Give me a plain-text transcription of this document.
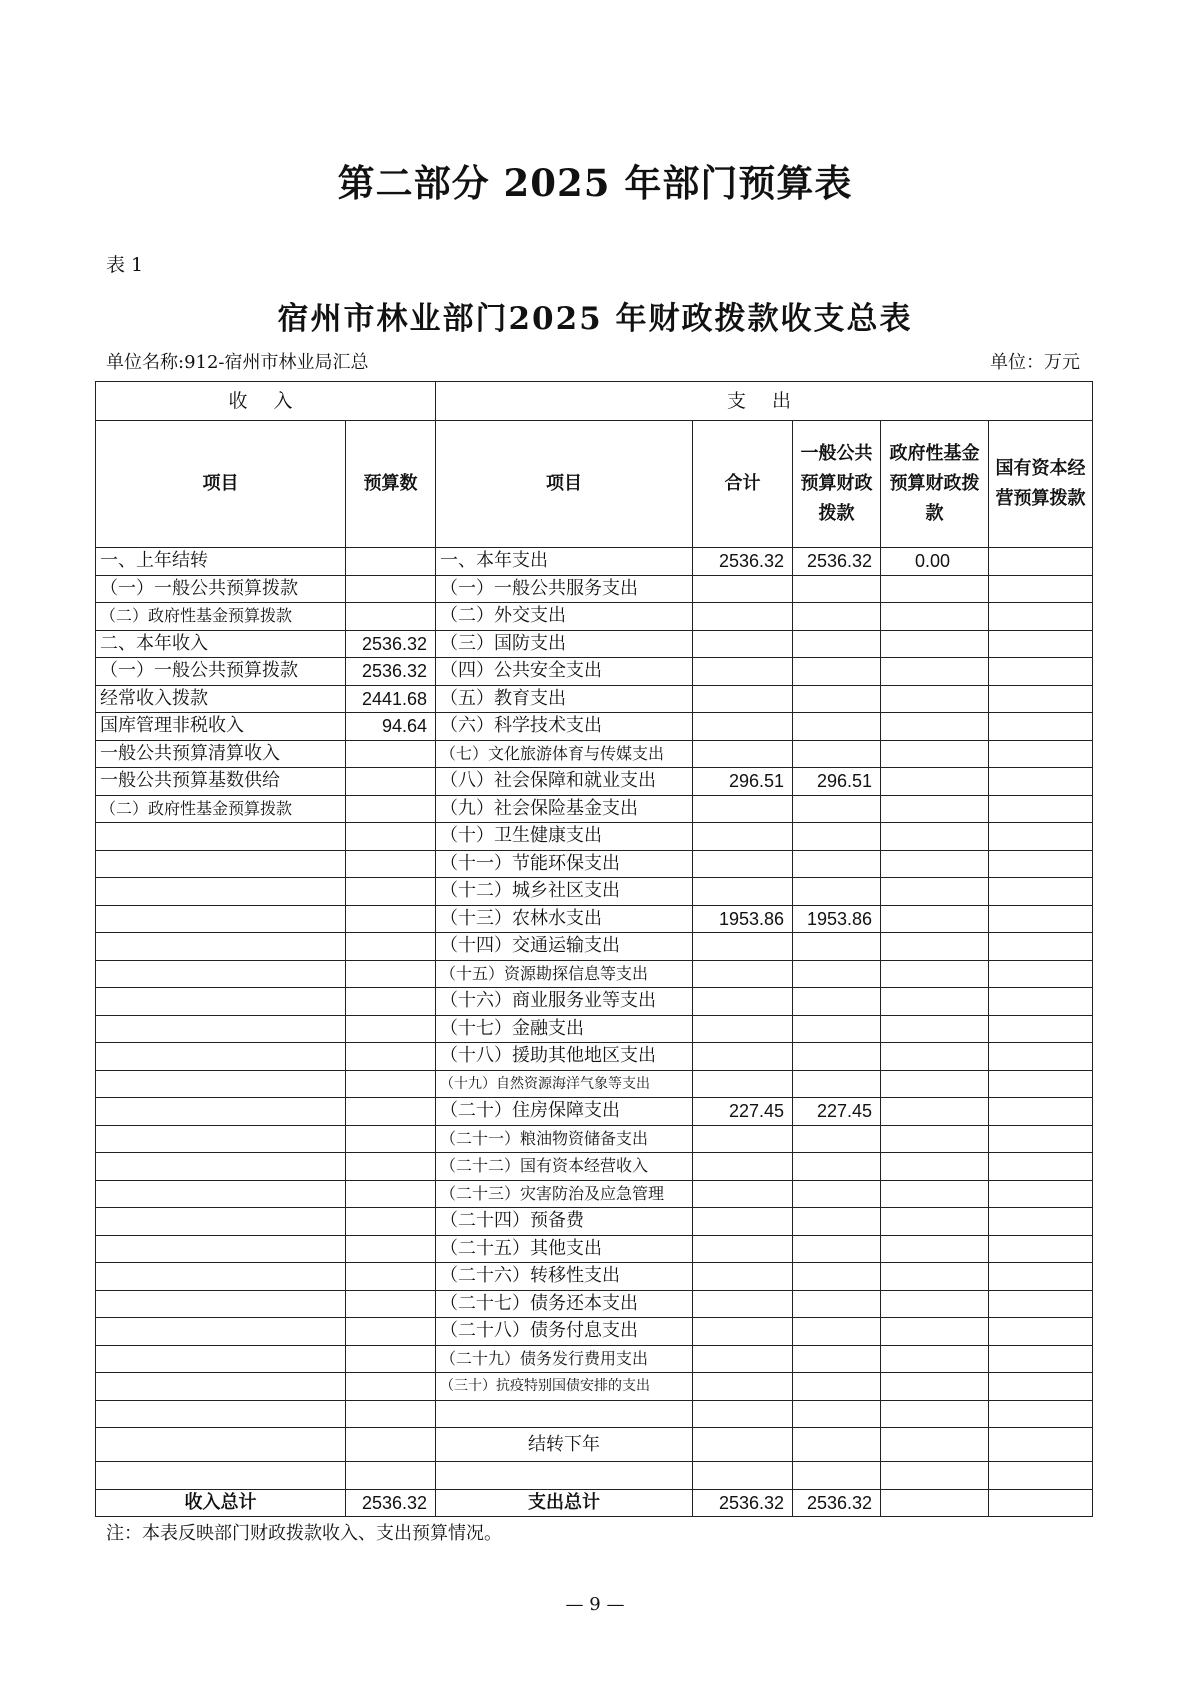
第二部分 2025 年部门预算表
表 1
宿州市林业部门2025 年财政拨款收支总表
单位名称:912-宿州市林业局汇总	单位：万元
收 入		支 出				
项目	预算数	项目	合计	一般公共预算财政拨款	政府性基金预算财政拨款	国有资本经营预算拨款
一、上年结转		一、本年支出	2536.32	2536.32	0.00	
（一）一般公共预算拨款		（一）一般公共服务支出				
（二）政府性基金预算拨款		（二）外交支出				
二、本年收入	2536.32	（三）国防支出				
（一）一般公共预算拨款	2536.32	（四）公共安全支出				
经常收入拨款	2441.68	（五）教育支出				
国库管理非税收入	94.64	（六）科学技术支出				
一般公共预算清算收入		（七）文化旅游体育与传媒支出				
一般公共预算基数供给		（八）社会保障和就业支出	296.51	296.51		
（二）政府性基金预算拨款		（九）社会保险基金支出				
		（十）卫生健康支出				
		（十一）节能环保支出				
		（十二）城乡社区支出				
		（十三）农林水支出	1953.86	1953.86		
		（十四）交通运输支出				
		（十五）资源勘探信息等支出				
		（十六）商业服务业等支出				
		（十七）金融支出				
		（十八）援助其他地区支出				
		（十九）自然资源海洋气象等支出				
		（二十）住房保障支出	227.45	227.45		
		（二十一）粮油物资储备支出				
		（二十二）国有资本经营收入				
		（二十三）灾害防治及应急管理				
		（二十四）预备费				
		（二十五）其他支出				
		（二十六）转移性支出				
		（二十七）债务还本支出				
		（二十八）债务付息支出				
		（二十九）债务发行费用支出				
		（三十）抗疫特别国债安排的支出				

		结转下年				

收入总计	2536.32	支出总计	2536.32	2536.32		
注：本表反映部门财政拨款收入、支出预算情况。
— 9 —
